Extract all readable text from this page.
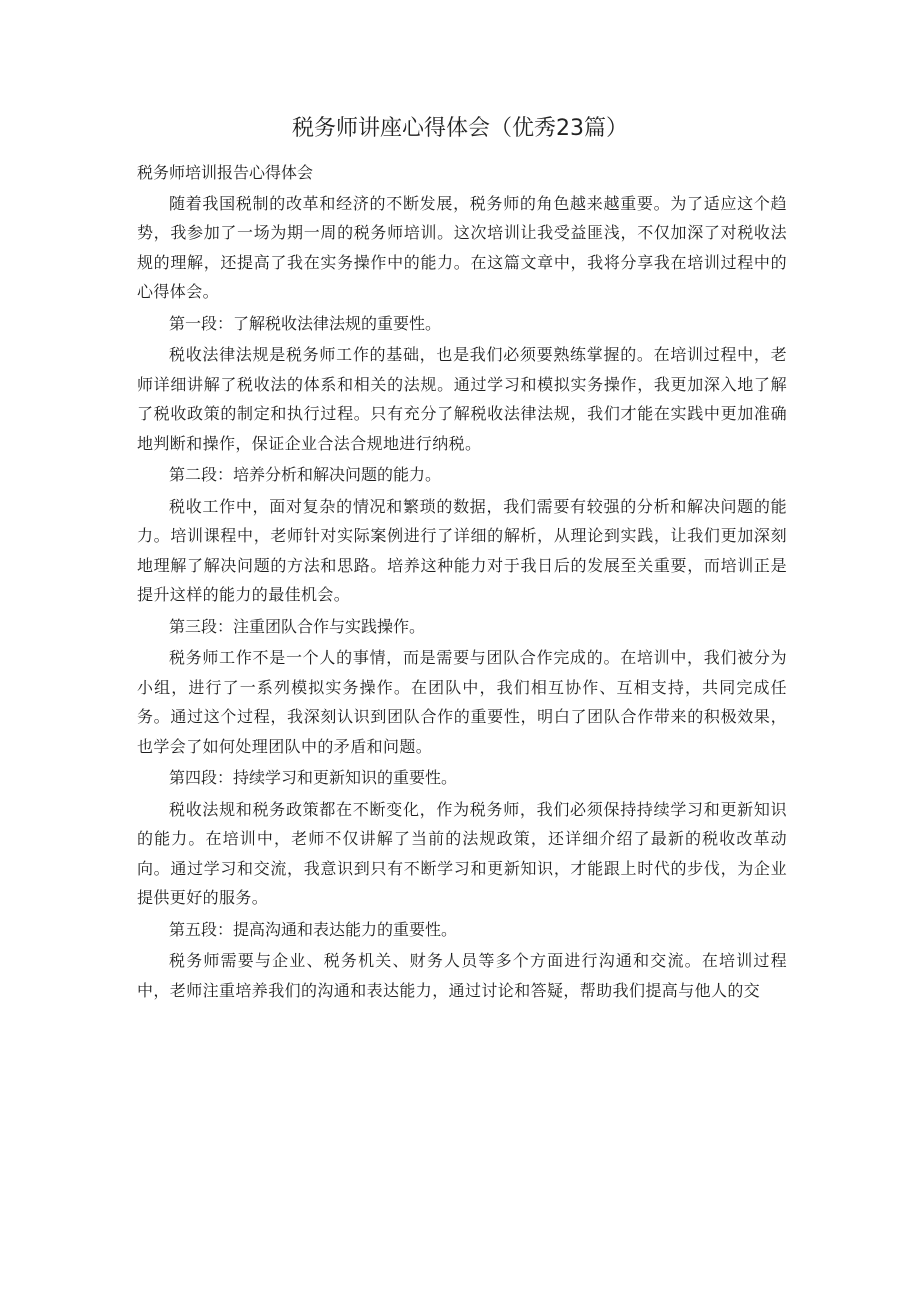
税务师讲座心得体会（优秀23篇）

税务师培训报告心得体会

随着我国税制的改革和经济的不断发展，税务师的角色越来越重要。为了适应这个趋势，我参加了一场为期一周的税务师培训。这次培训让我受益匪浅，不仅加深了对税收法规的理解，还提高了我在实务操作中的能力。在这篇文章中，我将分享我在培训过程中的心得体会。

第一段：了解税收法律法规的重要性。

税收法律法规是税务师工作的基础，也是我们必须要熟练掌握的。在培训过程中，老师详细讲解了税收法的体系和相关的法规。通过学习和模拟实务操作，我更加深入地了解了税收政策的制定和执行过程。只有充分了解税收法律法规，我们才能在实践中更加准确地判断和操作，保证企业合法合规地进行纳税。

第二段：培养分析和解决问题的能力。

税收工作中，面对复杂的情况和繁琐的数据，我们需要有较强的分析和解决问题的能力。培训课程中，老师针对实际案例进行了详细的解析，从理论到实践，让我们更加深刻地理解了解决问题的方法和思路。培养这种能力对于我日后的发展至关重要，而培训正是提升这样的能力的最佳机会。

第三段：注重团队合作与实践操作。

税务师工作不是一个人的事情，而是需要与团队合作完成的。在培训中，我们被分为小组，进行了一系列模拟实务操作。在团队中，我们相互协作、互相支持，共同完成任务。通过这个过程，我深刻认识到团队合作的重要性，明白了团队合作带来的积极效果，也学会了如何处理团队中的矛盾和问题。

第四段：持续学习和更新知识的重要性。

税收法规和税务政策都在不断变化，作为税务师，我们必须保持持续学习和更新知识的能力。在培训中，老师不仅讲解了当前的法规政策，还详细介绍了最新的税收改革动向。通过学习和交流，我意识到只有不断学习和更新知识，才能跟上时代的步伐，为企业提供更好的服务。

第五段：提高沟通和表达能力的重要性。

税务师需要与企业、税务机关、财务人员等多个方面进行沟通和交流。在培训过程中，老师注重培养我们的沟通和表达能力，通过讨论和答疑，帮助我们提高与他人的交
